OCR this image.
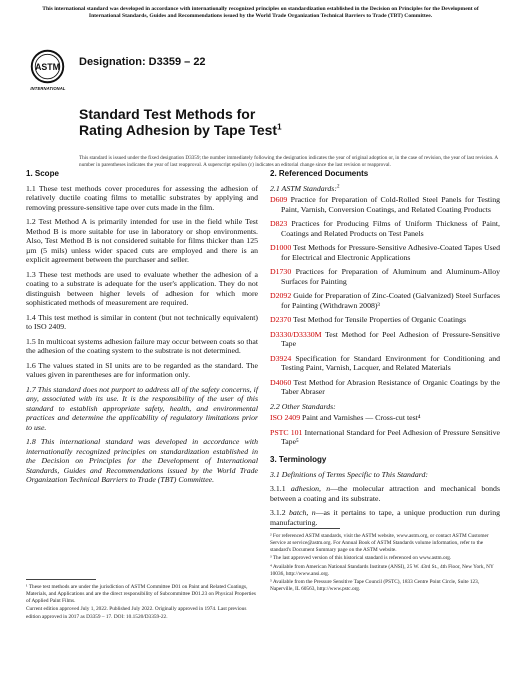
This international standard was developed in accordance with internationally recognized principles on standardization established in the Decision on Principles for the Development of International Standards, Guides and Recommendations issued by the World Trade Organization Technical Barriers to Trade (TBT) Committee.
ASTM
INTERNATIONAL
Designation: D3359 – 22
Standard Test Methods for
Rating Adhesion by Tape Test$^1$
This standard is issued under the fixed designation D3359; the number immediately following the designation indicates the year of original adoption or, in the case of revision, the year of last revision. A number in parentheses indicates the year of last reapproval. A superscript epsilon (ε) indicates an editorial change since the last revision or reapproval.
1. Scope

1.1 These test methods cover procedures for assessing the adhesion of relatively ductile coating films to metallic substrates by applying and removing pressure-sensitive tape over cuts made in the film.

1.2 Test Method A is primarily intended for use in the field while Test Method B is more suitable for use in laboratory or shop environments. Also, Test Method B is not considered suitable for films thicker than 125 µm (5 mils) unless wider spaced cuts are employed and there is an explicit agreement between the purchaser and seller.

1.3 These test methods are used to evaluate whether the adhesion of a coating to a substrate is adequate for the user's application. They do not distinguish between higher levels of adhesion for which more sophisticated methods of measurement are required.

1.4 This test method is similar in content (but not technically equivalent) to ISO 2409.

1.5 In multicoat systems adhesion failure may occur between coats so that the adhesion of the coating system to the substrate is not determined.

1.6 The values stated in SI units are to be regarded as the standard. The values given in parentheses are for information only.

1.7 This standard does not purport to address all of the safety concerns, if any, associated with its use. It is the responsibility of the user of this standard to establish appropriate safety, health, and environmental practices and determine the applicability of regulatory limitations prior to use.

1.8 This international standard was developed in accordance with internationally recognized principles on standardization established in the Decision on Principles for the Development of International Standards, Guides and Recommendations issued by the World Trade Organization Technical Barriers to Trade (TBT) Committee.

¹ These test methods are under the jurisdiction of ASTM Committee D01 on Paint and Related Coatings, Materials, and Applications and are the direct responsibility of Subcommittee D01.23 on Physical Properties of Applied Paint Films.

Current edition approved July 1, 2022. Published July 2022. Originally approved in 1974. Last previous edition approved in 2017 as D3359 – 17. DOI: 10.1520/D3359-22.

2. Referenced Documents

2.1 ASTM Standards:$^2$

D609 Practice for Preparation of Cold-Rolled Steel Panels for Testing Paint, Varnish, Conversion Coatings, and Related Coating Products

D823 Practices for Producing Films of Uniform Thickness of Paint, Coatings and Related Products on Test Panels

D1000 Test Methods for Pressure-Sensitive Adhesive-Coated Tapes Used for Electrical and Electronic Applications

D1730 Practices for Preparation of Aluminum and Aluminum-Alloy Surfaces for Painting

D2092 Guide for Preparation of Zinc-Coated (Galvanized) Steel Surfaces for Painting (Withdrawn 2008)³

D2370 Test Method for Tensile Properties of Organic Coatings

D3330/D3330M Test Method for Peel Adhesion of Pressure-Sensitive Tape

D3924 Specification for Standard Environment for Conditioning and Testing Paint, Varnish, Lacquer, and Related Materials

D4060 Test Method for Abrasion Resistance of Organic Coatings by the Taber Abraser

2.2 Other Standards:

ISO 2409 Paint and Varnishes — Cross-cut test⁴

PSTC 101 International Standard for Peel Adhesion of Pressure Sensitive Tape⁵

3. Terminology

3.1 Definitions of Terms Specific to This Standard:

3.1.1 adhesion, n—the molecular attraction and mechanical bonds between a coating and its substrate.

3.1.2 batch, n—as it pertains to tape, a unique production run during manufacturing.

² For referenced ASTM standards, visit the ASTM website, www.astm.org, or contact ASTM Customer Service at service@astm.org. For Annual Book of ASTM Standards volume information, refer to the standard's Document Summary page on the ASTM website.

³ The last approved version of this historical standard is referenced on www.astm.org.

⁴ Available from American National Standards Institute (ANSI), 25 W. 43rd St., 4th Floor, New York, NY 10036, http://www.ansi.org.

⁵ Available from the Pressure Sensitive Tape Council (PSTC), 1833 Centre Point Circle, Suite 123, Naperville, IL 60563, http://www.pstc.org.
